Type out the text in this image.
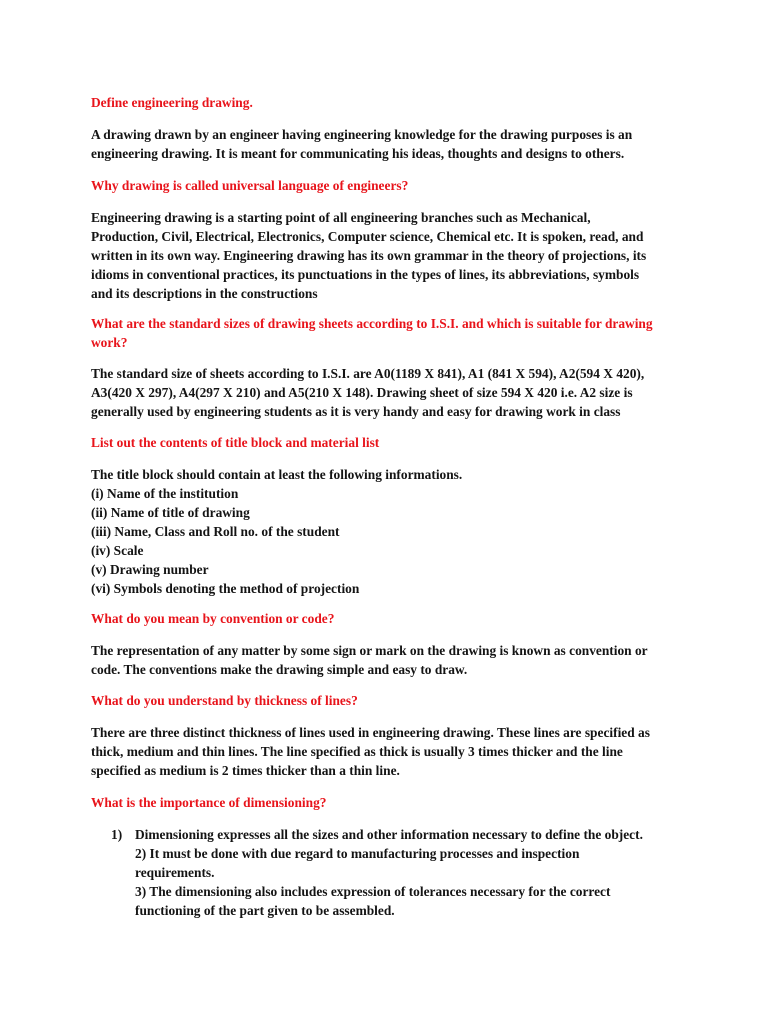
Define engineering drawing.

A drawing drawn by an engineer having engineering knowledge for the drawing purposes is an
engineering drawing. It is meant for communicating his ideas, thoughts and designs to others.

Why drawing is called universal language of engineers?

Engineering drawing is a starting point of all engineering branches such as Mechanical,
Production, Civil, Electrical, Electronics, Computer science, Chemical etc. It is spoken, read, and
written in its own way. Engineering drawing has its own grammar in the theory of projections, its
idioms in conventional practices, its punctuations in the types of lines, its abbreviations, symbols
and its descriptions in the constructions

What are the standard sizes of drawing sheets according to I.S.I. and which is suitable for drawing
work?

The standard size of sheets according to I.S.I. are A0(1189 X 841), A1 (841 X 594), A2(594 X 420),
A3(420 X 297), A4(297 X 210) and A5(210 X 148). Drawing sheet of size 594 X 420 i.e. A2 size is
generally used by engineering students as it is very handy and easy for drawing work in class

List out the contents of title block and material list

The title block should contain at least the following informations.
(i) Name of the institution
(ii) Name of title of drawing
(iii) Name, Class and Roll no. of the student
(iv) Scale
(v) Drawing number
(vi) Symbols denoting the method of projection

What do you mean by convention or code?

The representation of any matter by some sign or mark on the drawing is known as convention or
code. The conventions make the drawing simple and easy to draw.

What do you understand by thickness of lines?

There are three distinct thickness of lines used in engineering drawing. These lines are specified as
thick, medium and thin lines. The line specified as thick is usually 3 times thicker and the line
specified as medium is 2 times thicker than a thin line.

What is the importance of dimensioning?

1) Dimensioning expresses all the sizes and other information necessary to define the object.
2) It must be done with due regard to manufacturing processes and inspection
requirements.
3) The dimensioning also includes expression of tolerances necessary for the correct
functioning of the part given to be assembled.
